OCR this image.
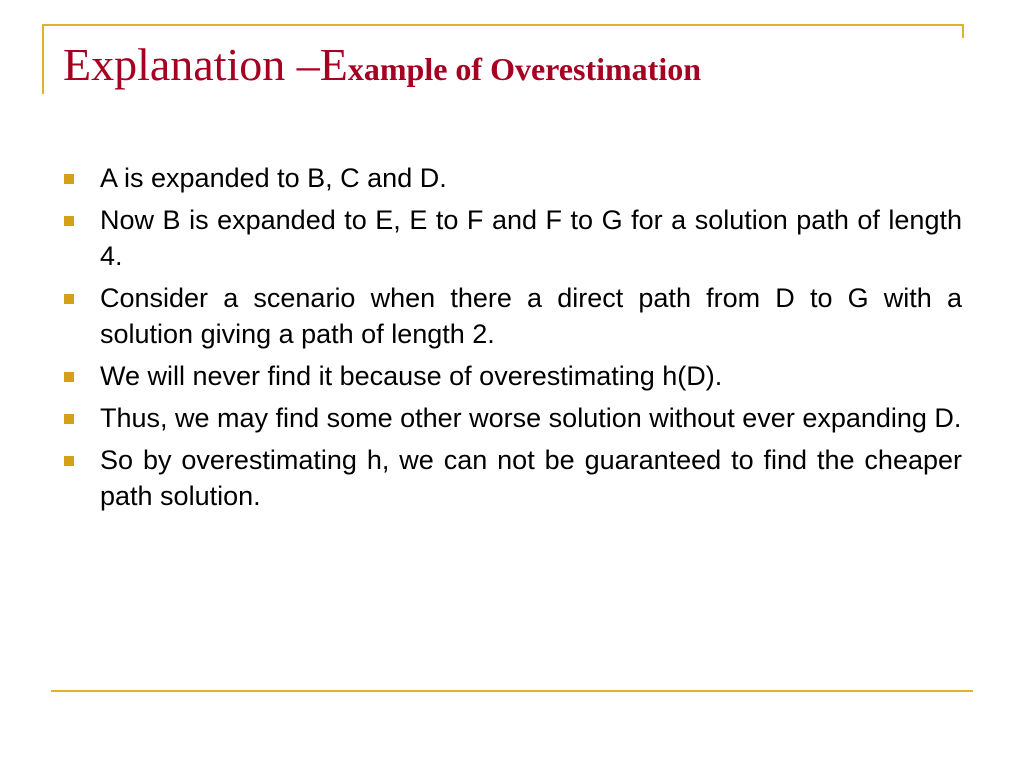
Explanation –Example of Overestimation
A is expanded to B, C and D.
Now B is expanded to E, E to F and F to G for a solution path of length 4.
Consider a scenario when there a direct path from D to G with a solution giving a path of length 2.
We will never find it because of overestimating h(D).
Thus, we may find some other worse solution without ever expanding D.
So by overestimating h, we can not be guaranteed to find the cheaper path solution.
